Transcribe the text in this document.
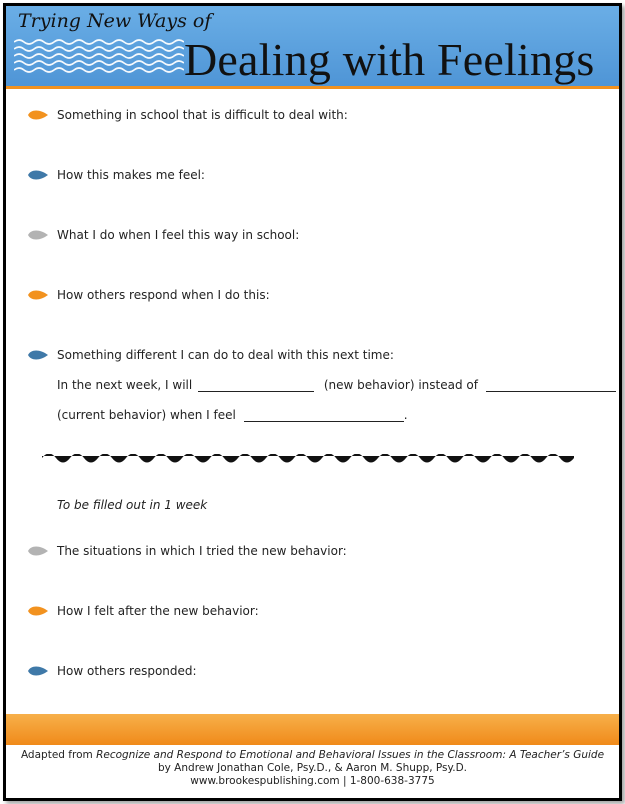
Trying New Ways of
Dealing with Feelings
Something in school that is difficult to deal with:
How this makes me feel:
What I do when I feel this way in school:
How others respond when I do this:
Something different I can do to deal with this next time:
In the next week, I will	(new behavior) instead of
(current behavior) when I feel	.
To be filled out in 1 week
The situations in which I tried the new behavior:
How I felt after the new behavior:
How others responded:
Adapted from Recognize and Respond to Emotional and Behavioral Issues in the Classroom: A Teacher’s Guide
by Andrew Jonathan Cole, Psy.D., & Aaron M. Shupp, Psy.D.
www.brookespublishing.com | 1-800-638-3775
